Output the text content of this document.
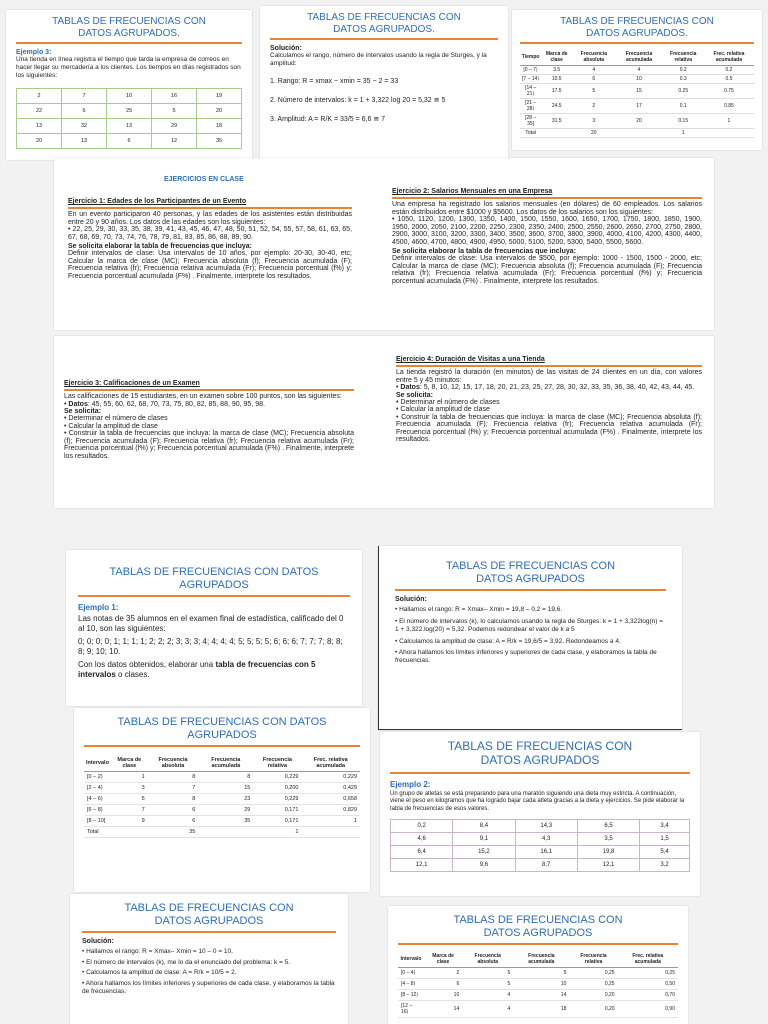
TABLAS DE FRECUENCIAS CON DATOS AGRUPADOS.
Ejemplo 3:
Una tienda en línea registra el tiempo que tarda la empresa de correos en hacer llegar su mercadería a los clientes. Los tiempos en días registrados son los siguientes:
2	7	10	16	19
22	6	25	5	20
13	32	13	29	18
20	13	6	12	35
TABLAS DE FRECUENCIAS CON DATOS AGRUPADOS.
Solución:
Calculamos el rango, número de intervalos usando la regla de Sturges, y la amplitud:
1. Rango: R = xmax − xmin = 35 − 2 = 33
2. Número de intervalos: k = 1 + 3,322 log 20 = 5,32 ≅ 5
3. Amplitud: A = R/K = 33/5 = 6,6 ≅ 7
TABLAS DE FRECUENCIAS CON DATOS AGRUPADOS.
Tiempo	Marca de clase	Frecuencia absoluta	Frecuencia acumulada	Frecuencia relativa	Frec. relativa acumulada
[0 – 7⟩	3.5	4	4	0.2	0.2
[7 – 14⟩	10.5	6	10	0.3	0.5
[14 – 21⟩	17.5	5	15	0.25	0.75
[21 – 28⟩	24.5	2	17	0.1	0.85
[28 – 35]	31.5	3	20	0.15	1
Total		20		1	
EJERCICIOS EN CLASE
Ejercicio 1: Edades de los Participantes de un Evento
En un evento participaron 40 personas, y las edades de los asistentes están distribuidas entre 20 y 90 años. Los datos de las edades son los siguientes:
• 22, 25, 29, 30, 33, 35, 38, 39, 41, 43, 45, 46, 47, 48, 50, 51, 52, 54, 55, 57, 58, 61, 63, 65, 67, 68, 69, 70, 73, 74, 76, 78, 79, 81, 83, 85, 86, 88, 89, 90.
Se solicita elaborar la tabla de frecuencias que incluya:
Definir intervalos de clase: Usa intervalos de 10 años, por ejemplo: 20-30, 30-40, etc; Calcular la marca de clase (MC); Frecuencia absoluta (f); Frecuencia acumulada (F); Frecuencia relativa (fr); Frecuencia relativa acumulada (Fr); Frecuencia porcentual (f%) y; Frecuencia porcentual acumulada (F%) . Finalmente, interprete los resultados.
Ejercicio 2: Salarios Mensuales en una Empresa
Una empresa ha registrado los salarios mensuales (en dólares) de 60 empleados. Los salarios están distribuidos entre $1000 y $5600. Los datos de los salarios son los siguientes:
• 1050, 1120, 1200, 1300, 1350, 1400, 1500, 1550, 1600, 1650, 1700, 1750, 1800, 1850, 1900, 1950, 2000, 2050, 2100, 2200, 2250, 2300, 2350, 2400, 2500, 2550, 2600, 2650, 2700, 2750, 2800, 2900, 3000, 3100, 3200, 3300, 3400, 3500, 3600, 3700, 3800, 3900, 4000, 4100, 4200, 4300, 4400, 4500, 4600, 4700, 4800, 4900, 4950, 5000, 5100, 5200, 5300, 5400, 5500, 5600.
Se solicita elaborar la tabla de frecuencias que incluya:
Definir intervalos de clase: Usa intervalos de $500, por ejemplo: 1000 - 1500, 1500 - 2000, etc; Calcular la marca de clase (MC); Frecuencia absoluta (f); Frecuencia acumulada (F); Frecuencia relativa (fr); Frecuencia relativa acumulada (Fr); Frecuencia porcentual (f%) y; Frecuencia porcentual acumulada (F%) . Finalmente, interprete los resultados.
Ejercicio 3: Calificaciones de un Examen
Las calificaciones de 15 estudiantes, en un examen sobre 100 puntos, son las siguientes:
• Datos: 45, 55, 60, 62, 68, 70, 73, 75, 80, 82, 85, 88, 90, 95, 98.
Se solicita:
• Determinar el número de clases
• Calcular la amplitud de clase
• Construir la tabla de frecuencias que incluya: la marca de clase (MC); Frecuencia absoluta (f); Frecuencia acumulada (F); Frecuencia relativa (fr); Frecuencia relativa acumulada (Fr); Frecuencia porcentual (f%) y; Frecuencia porcentual acumulada (F%) . Finalmente, interprete los resultados.
Ejercicio 4: Duración de Visitas a una Tienda
La tienda registró la duración (en minutos) de las visitas de 24 clientes en un día, con valores entre 5 y 45 minutos:
• Datos: 5, 8, 10, 12, 15, 17, 18, 20, 21, 23, 25, 27, 28, 30, 32, 33, 35, 36, 38, 40, 42, 43, 44, 45.
Se solicita:
• Determinar el número de clases
• Calcular la amplitud de clase
• Construir la tabla de frecuencias que incluya: la marca de clase (MC); Frecuencia absoluta (f); Frecuencia acumulada (F); Frecuencia relativa (fr); Frecuencia relativa acumulada (Fr); Frecuencia porcentual (f%) y; Frecuencia porcentual acumulada (F%) . Finalmente, interprete los resultados.
TABLAS DE FRECUENCIAS CON DATOS AGRUPADOS
Ejemplo 1:
Las notas de 35 alumnos en el examen final de estadística, calificado del 0 al 10, son las siguientes:
0; 0; 0; 0; 1; 1; 1; 1; 2; 2; 2; 3; 3; 3; 4; 4; 4; 4; 5; 5; 5; 5; 6; 6; 6; 7; 7; 7; 8; 8; 8; 9; 10; 10.
Con los datos obtenidos, elaborar una tabla de frecuencias con 5 intervalos o clases.
TABLAS DE FRECUENCIAS CON DATOS AGRUPADOS
Solución:
• Hallamos el rango: R = Xmax– Xmin = 19,8 – 0,2 = 19,6.
• El número de intervalos (k), lo calculamos usando la regla de Sturges: k = 1 + 3,322log(n) = 1 + 3,322.log(20) = 5,32. Podemos redondear el valor de k a 5
• Calculamos la amplitud de clase: A = R/k = 19,6/5 = 3,92. Redondeamos a 4.
• Ahora hallamos los límites inferiores y superiores de cada clase, y elaboramos la tabla de frecuencias.
TABLAS DE FRECUENCIAS CON DATOS AGRUPADOS
Intervalo	Marca de clase	Frecuencia absoluta	Frecuencia acumulada	Frecuencia relativa	Frec. relativa acumulada
[0 – 2⟩	1	8	8	0,229	0,229
[2 – 4⟩	3	7	15	0,200	0,429
[4 – 6⟩	5	8	23	0,229	0,658
[6 – 8⟩	7	6	29	0,171	0,829
[8 – 10]	9	6	35	0,171	1
Total		35		1	
TABLAS DE FRECUENCIAS CON DATOS AGRUPADOS
Ejemplo 2:
Un grupo de atletas se está preparando para una maratón siguiendo una dieta muy estricta. A continuación, viene el peso en kilogramos que ha logrado bajar cada atleta gracias a la dieta y ejercicios. Se pide elaborar la tabla de frecuencias de esos valores.
0,2	8,4	14,3	6,5	3,4
4,6	9,1	4,3	3,5	1,5
6,4	15,2	16,1	19,8	5,4
12,1	9,6	8,7	12,1	3,2
TABLAS DE FRECUENCIAS CON DATOS AGRUPADOS
Solución:
• Hallamos el rango: R = Xmax– Xmin = 10 – 0 = 10.
• El número de intervalos (k), me lo da el enunciado del problema: k = 5.
• Calculamos la amplitud de clase: A = R/k = 10/5 = 2.
• Ahora hallamos los límites inferiores y superiores de cada clase, y elaboramos la tabla de frecuencias.
TABLAS DE FRECUENCIAS CON DATOS AGRUPADOS
Intervalo	Marca de clase	Frecuencia absoluta	Frecuencia acumulada	Frecuencia relativa	Frec. relativa acumulada
[0 – 4⟩	2	5	5	0,25	0,25
[4 – 8⟩	6	5	10	0,25	0,50
[8 – 12⟩	10	4	14	0,20	0,70
[12 – 16⟩	14	4	18	0,20	0,90
